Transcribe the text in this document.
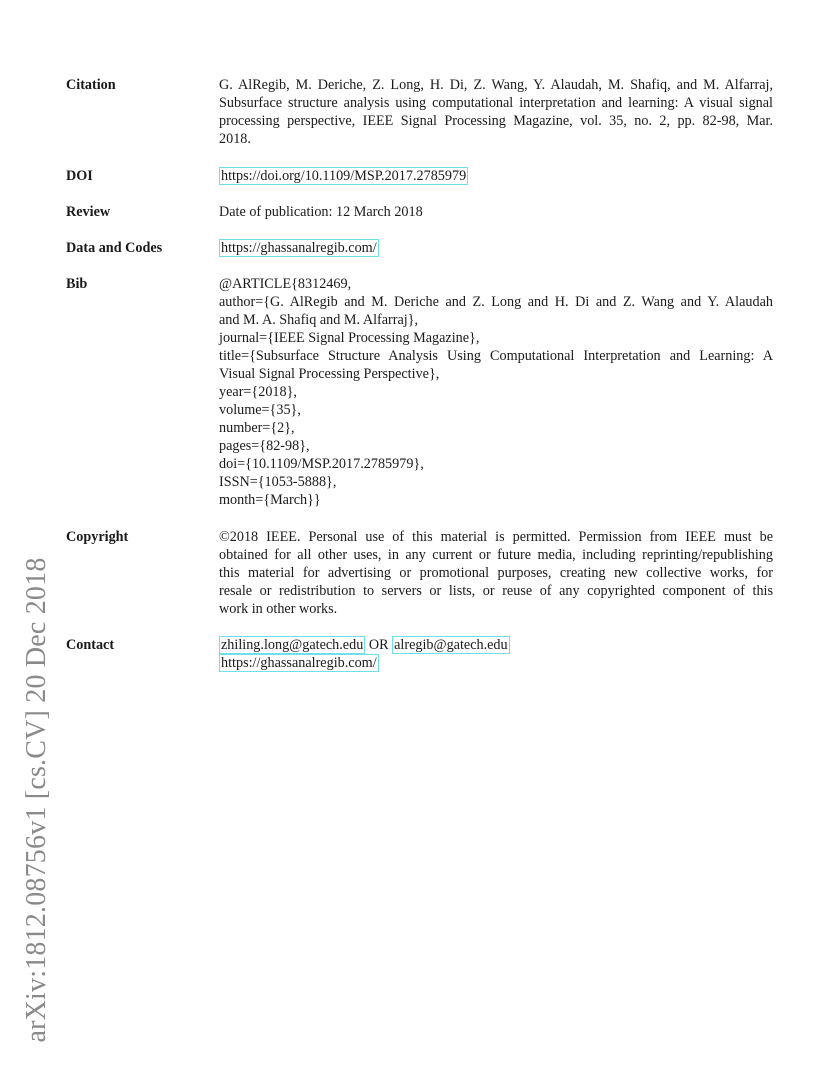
arXiv:1812.08756v1 [cs.CV] 20 Dec 2018
Citation	G. AlRegib, M. Deriche, Z. Long, H. Di, Z. Wang, Y. Alaudah, M. Shafiq, and M. Alfarraj,
Subsurface structure analysis using computational interpretation and learning: A visual signal
processing perspective, IEEE Signal Processing Magazine, vol. 35, no. 2, pp. 82-98, Mar.
2018.
DOI	https://doi.org/10.1109/MSP.2017.2785979
Review	Date of publication: 12 March 2018
Data and Codes	https://ghassanalregib.com/
Bib	@ARTICLE{8312469,
author={G. AlRegib and M. Deriche and Z. Long and H. Di and Z. Wang and Y. Alaudah
and M. A. Shafiq and M. Alfarraj},
journal={IEEE Signal Processing Magazine},
title={Subsurface Structure Analysis Using Computational Interpretation and Learning: A
Visual Signal Processing Perspective},
year={2018},
volume={35},
number={2},
pages={82-98},
doi={10.1109/MSP.2017.2785979},
ISSN={1053-5888},
month={March}}
Copyright	©2018 IEEE. Personal use of this material is permitted. Permission from IEEE must be
obtained for all other uses, in any current or future media, including reprinting/republishing
this material for advertising or promotional purposes, creating new collective works, for
resale or redistribution to servers or lists, or reuse of any copyrighted component of this
work in other works.
Contact	zhiling.long@gatech.edu OR alregib@gatech.edu
https://ghassanalregib.com/
